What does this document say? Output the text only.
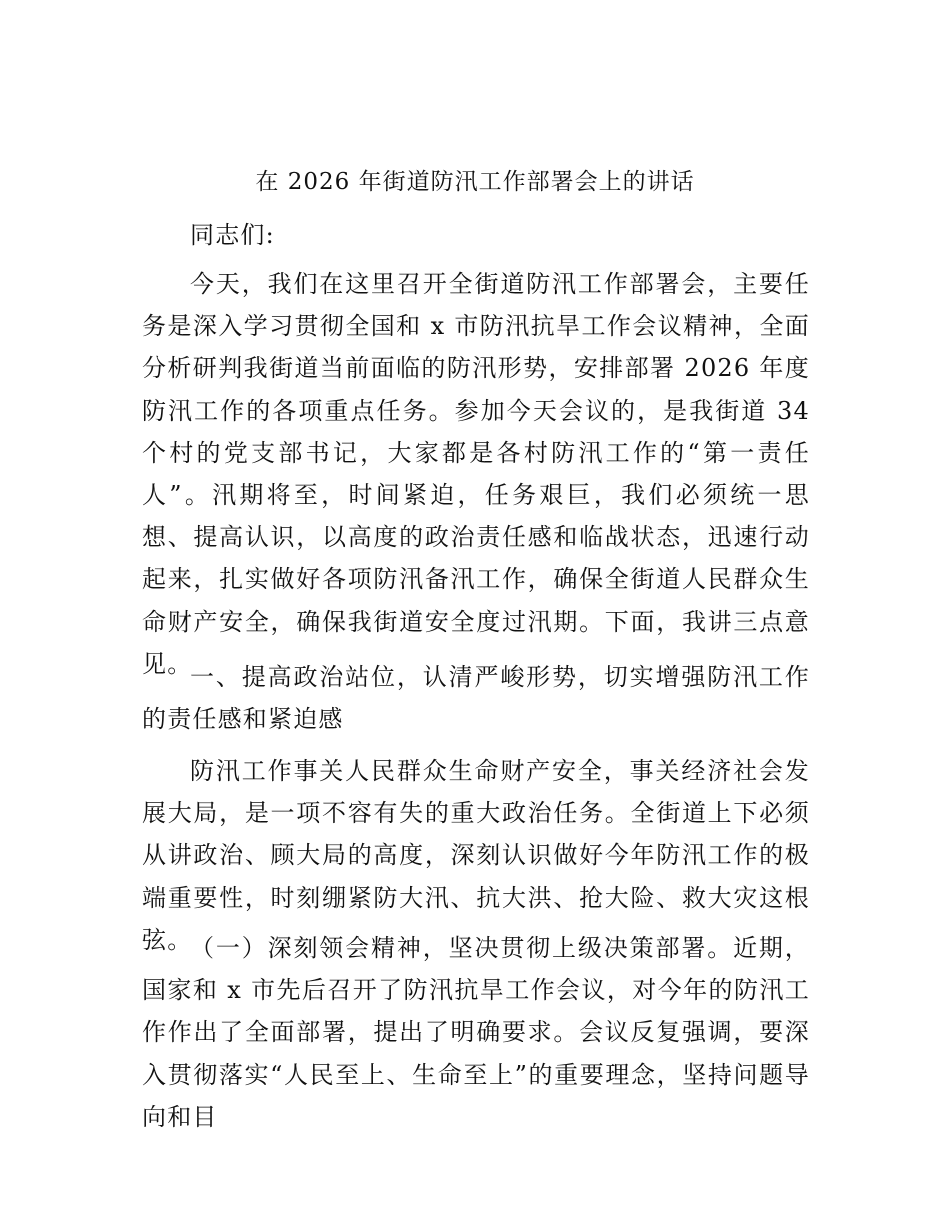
在 2026 年街道防汛工作部署会上的讲话

同志们:

今天，我们在这里召开全街道防汛工作部署会，主要任务是深入学习贯彻全国和 x 市防汛抗旱工作会议精神，全面分析研判我街道当前面临的防汛形势，安排部署 2026 年度防汛工作的各项重点任务。参加今天会议的，是我街道 34 个村的党支部书记，大家都是各村防汛工作的“第一责任人”。汛期将至，时间紧迫，任务艰巨，我们必须统一思想、提高认识，以高度的政治责任感和临战状态，迅速行动起来，扎实做好各项防汛备汛工作，确保全街道人民群众生命财产安全，确保我街道安全度过汛期。下面，我讲三点意见。

一、提高政治站位，认清严峻形势，切实增强防汛工作的责任感和紧迫感

防汛工作事关人民群众生命财产安全，事关经济社会发展大局，是一项不容有失的重大政治任务。全街道上下必须从讲政治、顾大局的高度，深刻认识做好今年防汛工作的极端重要性，时刻绷紧防大汛、抗大洪、抢大险、救大灾这根弦。

（一）深刻领会精神，坚决贯彻上级决策部署。近期，国家和 x 市先后召开了防汛抗旱工作会议，对今年的防汛工作作出了全面部署，提出了明确要求。会议反复强调，要深入贯彻落实“人民至上、生命至上”的重要理念，坚持问题导向和目
